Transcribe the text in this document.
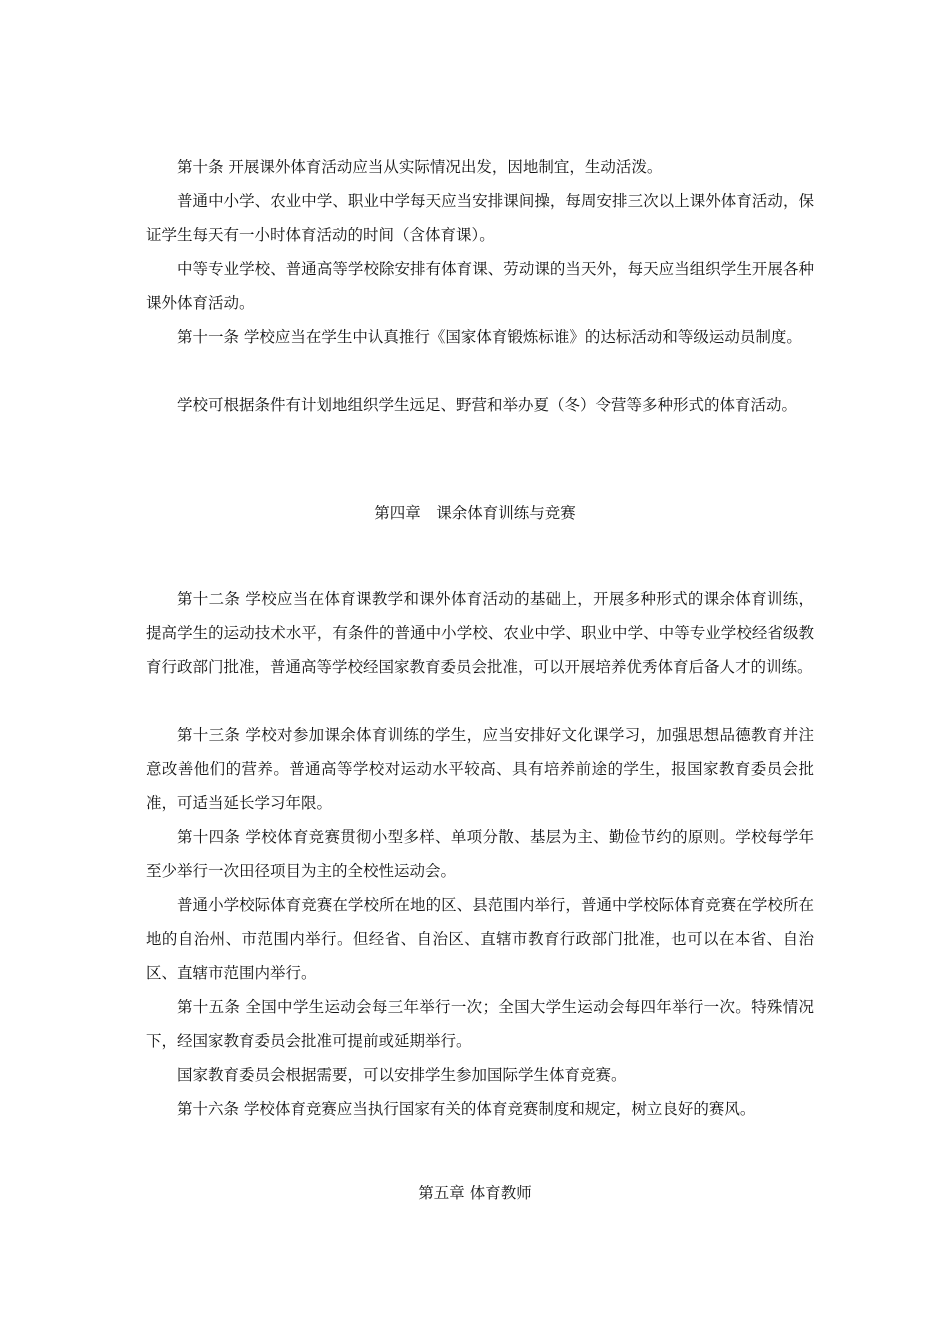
第十条 开展课外体育活动应当从实际情况出发，因地制宜，生动活泼。

普通中小学、农业中学、职业中学每天应当安排课间操，每周安排三次以上课外体育活动，保证学生每天有一小时体育活动的时间（含体育课）。

中等专业学校、普通高等学校除安排有体育课、劳动课的当天外，每天应当组织学生开展各种课外体育活动。

第十一条 学校应当在学生中认真推行《国家体育锻炼标谁》的达标活动和等级运动员制度。

学校可根据条件有计划地组织学生远足、野营和举办夏（冬）令营等多种形式的体育活动。

第四章　课余体育训练与竞赛

第十二条 学校应当在体育课教学和课外体育活动的基础上，开展多种形式的课余体育训练，提高学生的运动技术水平，有条件的普通中小学校、农业中学、职业中学、中等专业学校经省级教育行政部门批准，普通高等学校经国家教育委员会批准，可以开展培养优秀体育后备人才的训练。

第十三条 学校对参加课余体育训练的学生，应当安排好文化课学习，加强思想品德教育并注意改善他们的营养。普通高等学校对运动水平较高、具有培养前途的学生，报国家教育委员会批准，可适当延长学习年限。

第十四条 学校体育竞赛贯彻小型多样、单项分散、基层为主、勤俭节约的原则。学校每学年至少举行一次田径项目为主的全校性运动会。

普通小学校际体育竞赛在学校所在地的区、县范围内举行，普通中学校际体育竞赛在学校所在地的自治州、市范围内举行。但经省、自治区、直辖市教育行政部门批准，也可以在本省、自治区、直辖市范围内举行。

第十五条 全国中学生运动会每三年举行一次；全国大学生运动会每四年举行一次。特殊情况下，经国家教育委员会批准可提前或延期举行。

国家教育委员会根据需要，可以安排学生参加国际学生体育竞赛。

第十六条 学校体育竞赛应当执行国家有关的体育竞赛制度和规定，树立良好的赛风。

第五章 体育教师
